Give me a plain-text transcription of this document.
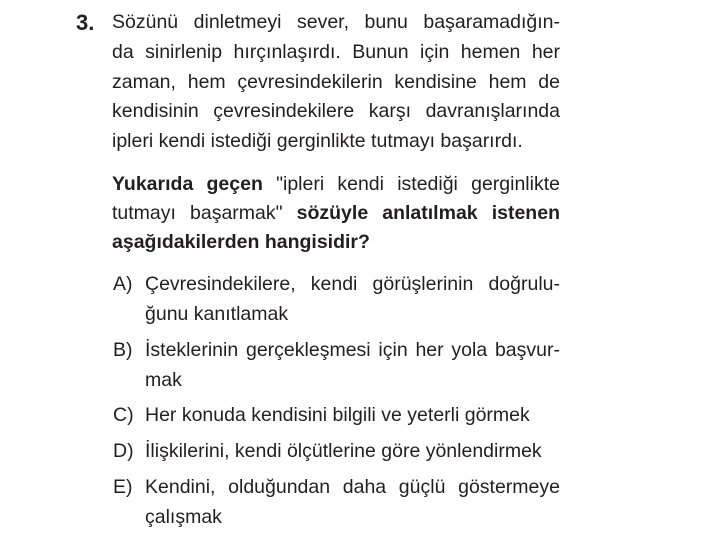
3. Sözünü dinletmeyi sever, bunu başaramadığın-
da sinirlenip hırçınlaşırdı. Bunun için hemen her
zaman, hem çevresindekilerin kendisine hem de
kendisinin çevresindekilere karşı davranışlarında
ipleri kendi istediği gerginlikte tutmayı başarırdı.
Yukarıda geçen "ipleri kendi istediği gerginlikte
tutmayı başarmak" sözüyle anlatılmak istenen
aşağıdakilerden hangisidir?
A) Çevresindekilere, kendi görüşlerinin doğrulu-
ğunu kanıtlamak
B) İsteklerinin gerçekleşmesi için her yola başvur-
mak
C) Her konuda kendisini bilgili ve yeterli görmek
D) İlişkilerini, kendi ölçütlerine göre yönlendirmek
E) Kendini, olduğundan daha güçlü göstermeye
çalışmak
